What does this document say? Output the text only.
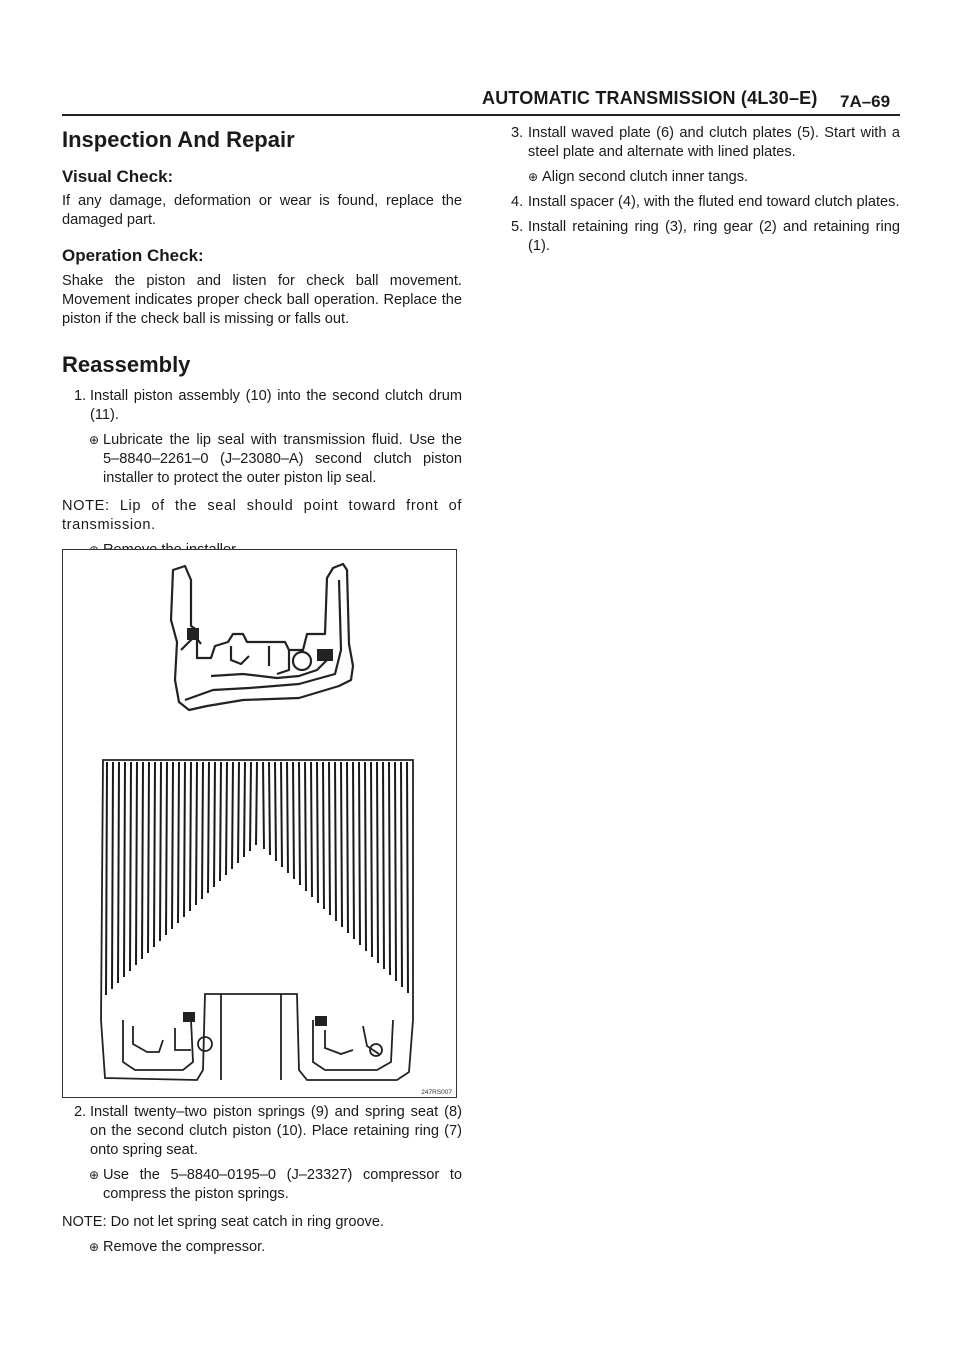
AUTOMATIC TRANSMISSION (4L30–E) 7A–69
Inspection And Repair
Visual Check:

If any damage, deformation or wear is found, replace the damaged part.

Operation Check:

Shake the piston and listen for check ball movement. Movement indicates proper check ball operation. Replace the piston if the check ball is missing or falls out.

Reassembly
1. Install piston assembly (10) into the second clutch drum (11).
⊕ Lubricate the lip seal with transmission fluid. Use the 5–8840–2261–0 (J–23080–A) second clutch piston installer to protect the outer piston lip seal.

NOTE: Lip of the seal should point toward front of transmission.

247RS007
2. Install twenty–two piston springs (9) and spring seat (8) on the second clutch piston (10). Place retaining ring (7) onto spring seat.
⊕ Use the 5–8840–0195–0 (J–23327) compressor to compress the piston springs.

NOTE: Do not let spring seat catch in ring groove.

⊕ Remove the compressor.
3. Install waved plate (6) and clutch plates (5). Start with a steel plate and alternate with lined plates.
⊕ Align second clutch inner tangs.
4. Install spacer (4), with the fluted end toward clutch plates.
5. Install retaining ring (3), ring gear (2) and retaining ring (1).
